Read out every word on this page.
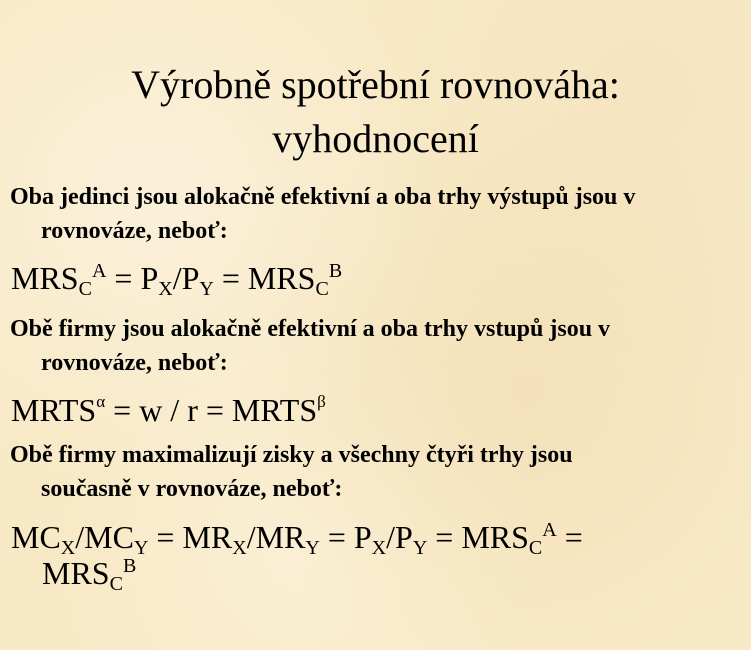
Výrobně spotřební rovnováha:
vyhodnocení
Oba jedinci jsou alokačně efektivní a oba trhy výstupů jsou v
rovnováze, neboť:
$MRS_C^A = P_X/P_Y = MRS_C^B$
Obě firmy jsou alokačně efektivní a oba trhy vstupů jsou v
rovnováze, neboť:
$MRTS^\alpha = w / r$ = $MRTS^\beta$
Obě firmy maximalizují zisky a všechny čtyři trhy jsou
současně v rovnováze, neboť:
$MC_X/MC_Y = MR_X/MR_Y = P_X/P_Y = MRS_C^A$ =
$MRS_C^B$
